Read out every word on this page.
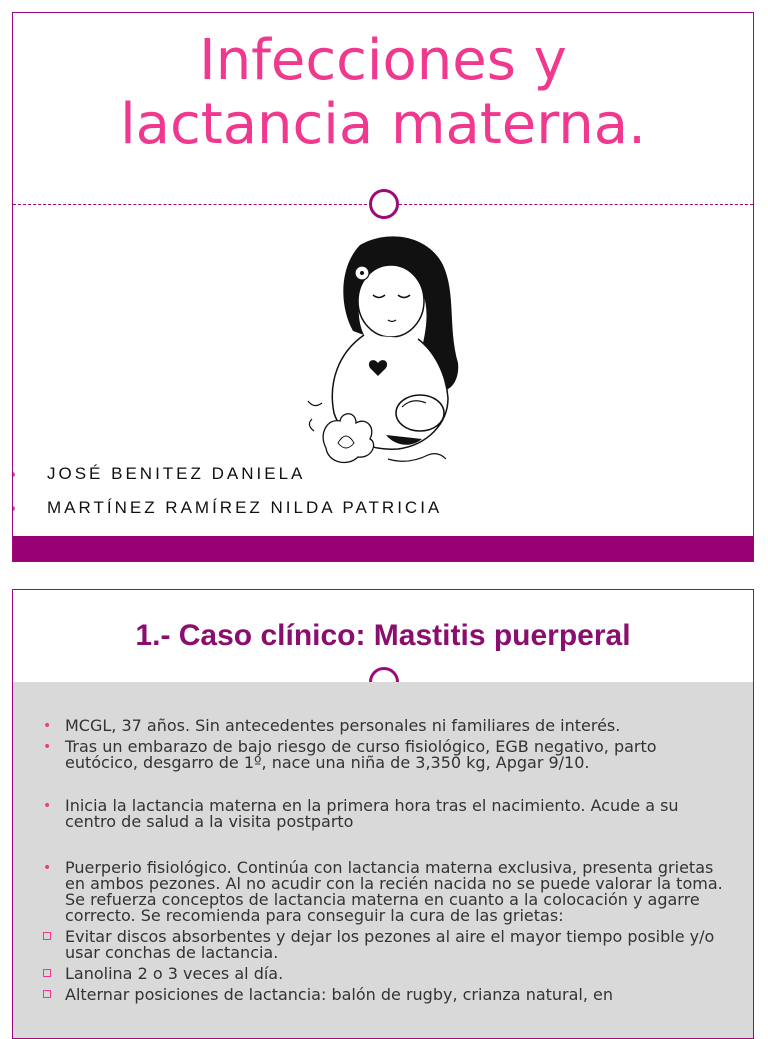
Infecciones y
lactancia materna.
JOSÉ BENITEZ DANIELA
MARTÍNEZ RAMÍREZ NILDA PATRICIA
1.- Caso clínico: Mastitis puerperal
• MCGL, 37 años. Sin antecedentes personales ni familiares de interés.
• Tras un embarazo de bajo riesgo de curso fisiológico, EGB negativo, parto eutócico, desgarro de 1º, nace una niña de 3,350 kg, Apgar 9/10.
• Inicia la lactancia materna en la primera hora tras el nacimiento. Acude a su centro de salud a la visita postparto
• Puerperio fisiológico. Continúa con lactancia materna exclusiva, presenta grietas en ambos pezones. Al no acudir con la recién nacida no se puede valorar la toma. Se refuerza conceptos de lactancia materna en cuanto a la colocación y agarre correcto. Se recomienda para conseguir la cura de las grietas:
Evitar discos absorbentes y dejar los pezones al aire el mayor tiempo posible y/o usar conchas de lactancia.
Lanolina 2 o 3 veces al día.
Alternar posiciones de lactancia: balón de rugby, crianza natural, en
